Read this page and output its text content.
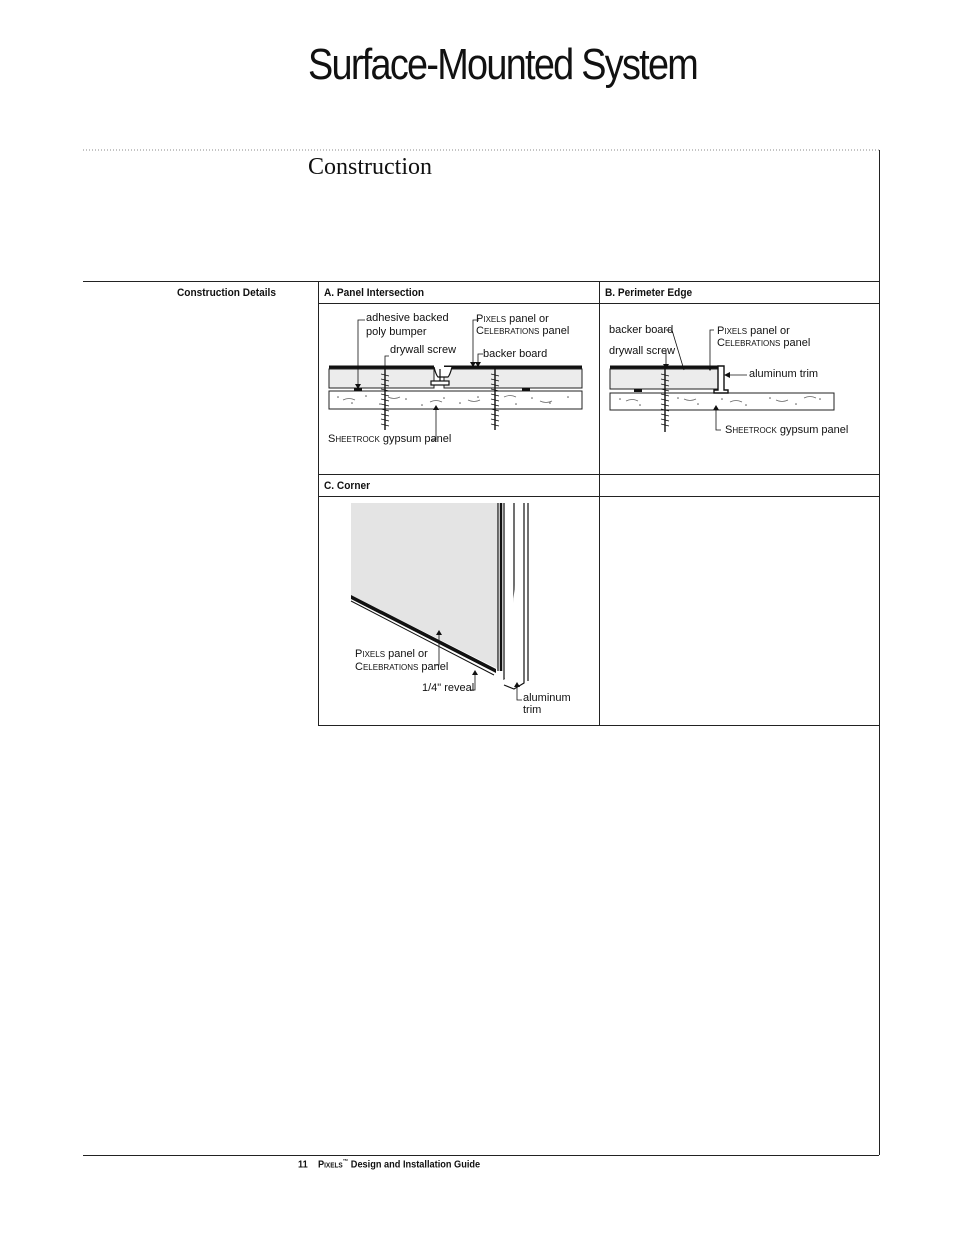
Surface-Mounted System
Construction
Construction Details	A. Panel Intersection	B. Perimeter Edge
C. Corner
adhesive backed
poly bumper
drywall screw
PIXELS panel or
CELEBRATIONS panel
backer board
SHEETROCK gypsum panel
backer board
drywall screw
PIXELS panel or
CELEBRATIONS panel
aluminum trim
SHEETROCK gypsum panel
PIXELS panel or
CELEBRATIONS panel
1/4" reveal
aluminum
trim
11 PIXELS™ Design and Installation Guide
